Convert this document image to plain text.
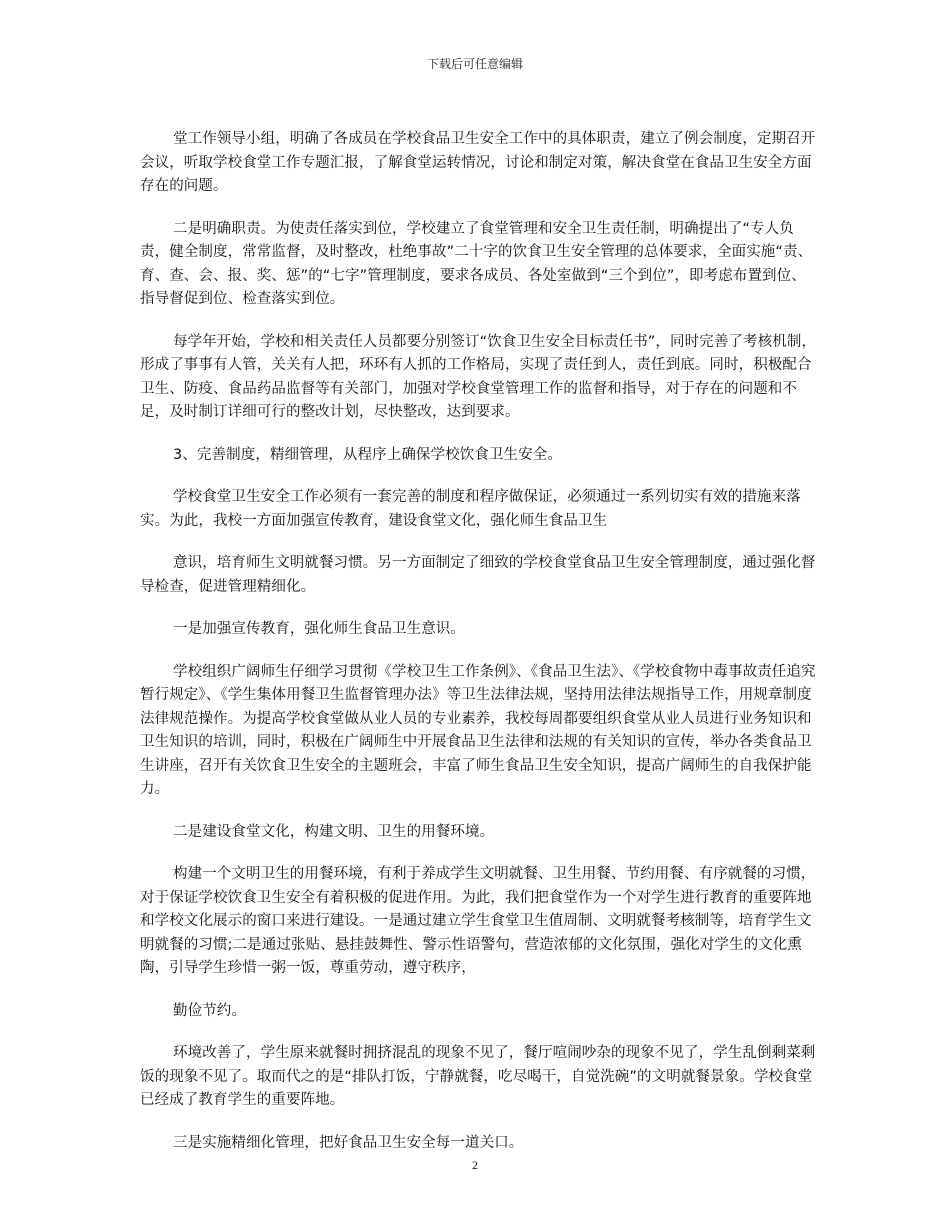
下载后可任意编辑

堂工作领导小组，明确了各成员在学校食品卫生安全工作中的具体职责，建立了例会制度，定期召开会议，听取学校食堂工作专题汇报，了解食堂运转情况，讨论和制定对策，解决食堂在食品卫生安全方面存在的问题。

二是明确职责。为使责任落实到位，学校建立了食堂管理和安全卫生责任制，明确提出了“专人负责，健全制度，常常监督，及时整改，杜绝事故”二十字的饮食卫生安全管理的总体要求，全面实施“责、育、查、会、报、奖、惩”的“七字”管理制度，要求各成员、各处室做到“三个到位”，即考虑布置到位、指导督促到位、检查落实到位。

每学年开始，学校和相关责任人员都要分别签订“饮食卫生安全目标责任书”，同时完善了考核机制，形成了事事有人管，关关有人把，环环有人抓的工作格局，实现了责任到人，责任到底。同时，积极配合卫生、防疫、食品药品监督等有关部门，加强对学校食堂管理工作的监督和指导，对于存在的问题和不足，及时制订详细可行的整改计划，尽快整改，达到要求。

3、完善制度，精细管理，从程序上确保学校饮食卫生安全。

学校食堂卫生安全工作必须有一套完善的制度和程序做保证，必须通过一系列切实有效的措施来落实。为此，我校一方面加强宣传教育，建设食堂文化，强化师生食品卫生

意识，培育师生文明就餐习惯。另一方面制定了细致的学校食堂食品卫生安全管理制度，通过强化督导检查，促进管理精细化。

一是加强宣传教育，强化师生食品卫生意识。

学校组织广阔师生仔细学习贯彻《学校卫生工作条例》、《食品卫生法》、《学校食物中毒事故责任追究暂行规定》、《学生集体用餐卫生监督管理办法》等卫生法律法规，坚持用法律法规指导工作，用规章制度法律规范操作。为提高学校食堂做从业人员的专业素养，我校每周都要组织食堂从业人员进行业务知识和卫生知识的培训，同时，积极在广阔师生中开展食品卫生法律和法规的有关知识的宣传，举办各类食品卫生讲座，召开有关饮食卫生安全的主题班会，丰富了师生食品卫生安全知识，提高广阔师生的自我保护能力。

二是建设食堂文化，构建文明、卫生的用餐环境。

构建一个文明卫生的用餐环境，有利于养成学生文明就餐、卫生用餐、节约用餐、有序就餐的习惯，对于保证学校饮食卫生安全有着积极的促进作用。为此，我们把食堂作为一个对学生进行教育的重要阵地和学校文化展示的窗口来进行建设。一是通过建立学生食堂卫生值周制、文明就餐考核制等，培育学生文明就餐的习惯;二是通过张贴、悬挂鼓舞性、警示性语警句，营造浓郁的文化氛围，强化对学生的文化熏陶，引导学生珍惜一粥一饭，尊重劳动，遵守秩序，

勤俭节约。

环境改善了，学生原来就餐时拥挤混乱的现象不见了，餐厅喧闹吵杂的现象不见了，学生乱倒剩菜剩饭的现象不见了。取而代之的是“排队打饭，宁静就餐，吃尽喝干，自觉洗碗”的文明就餐景象。学校食堂已经成了教育学生的重要阵地。

三是实施精细化管理，把好食品卫生安全每一道关口。

2
